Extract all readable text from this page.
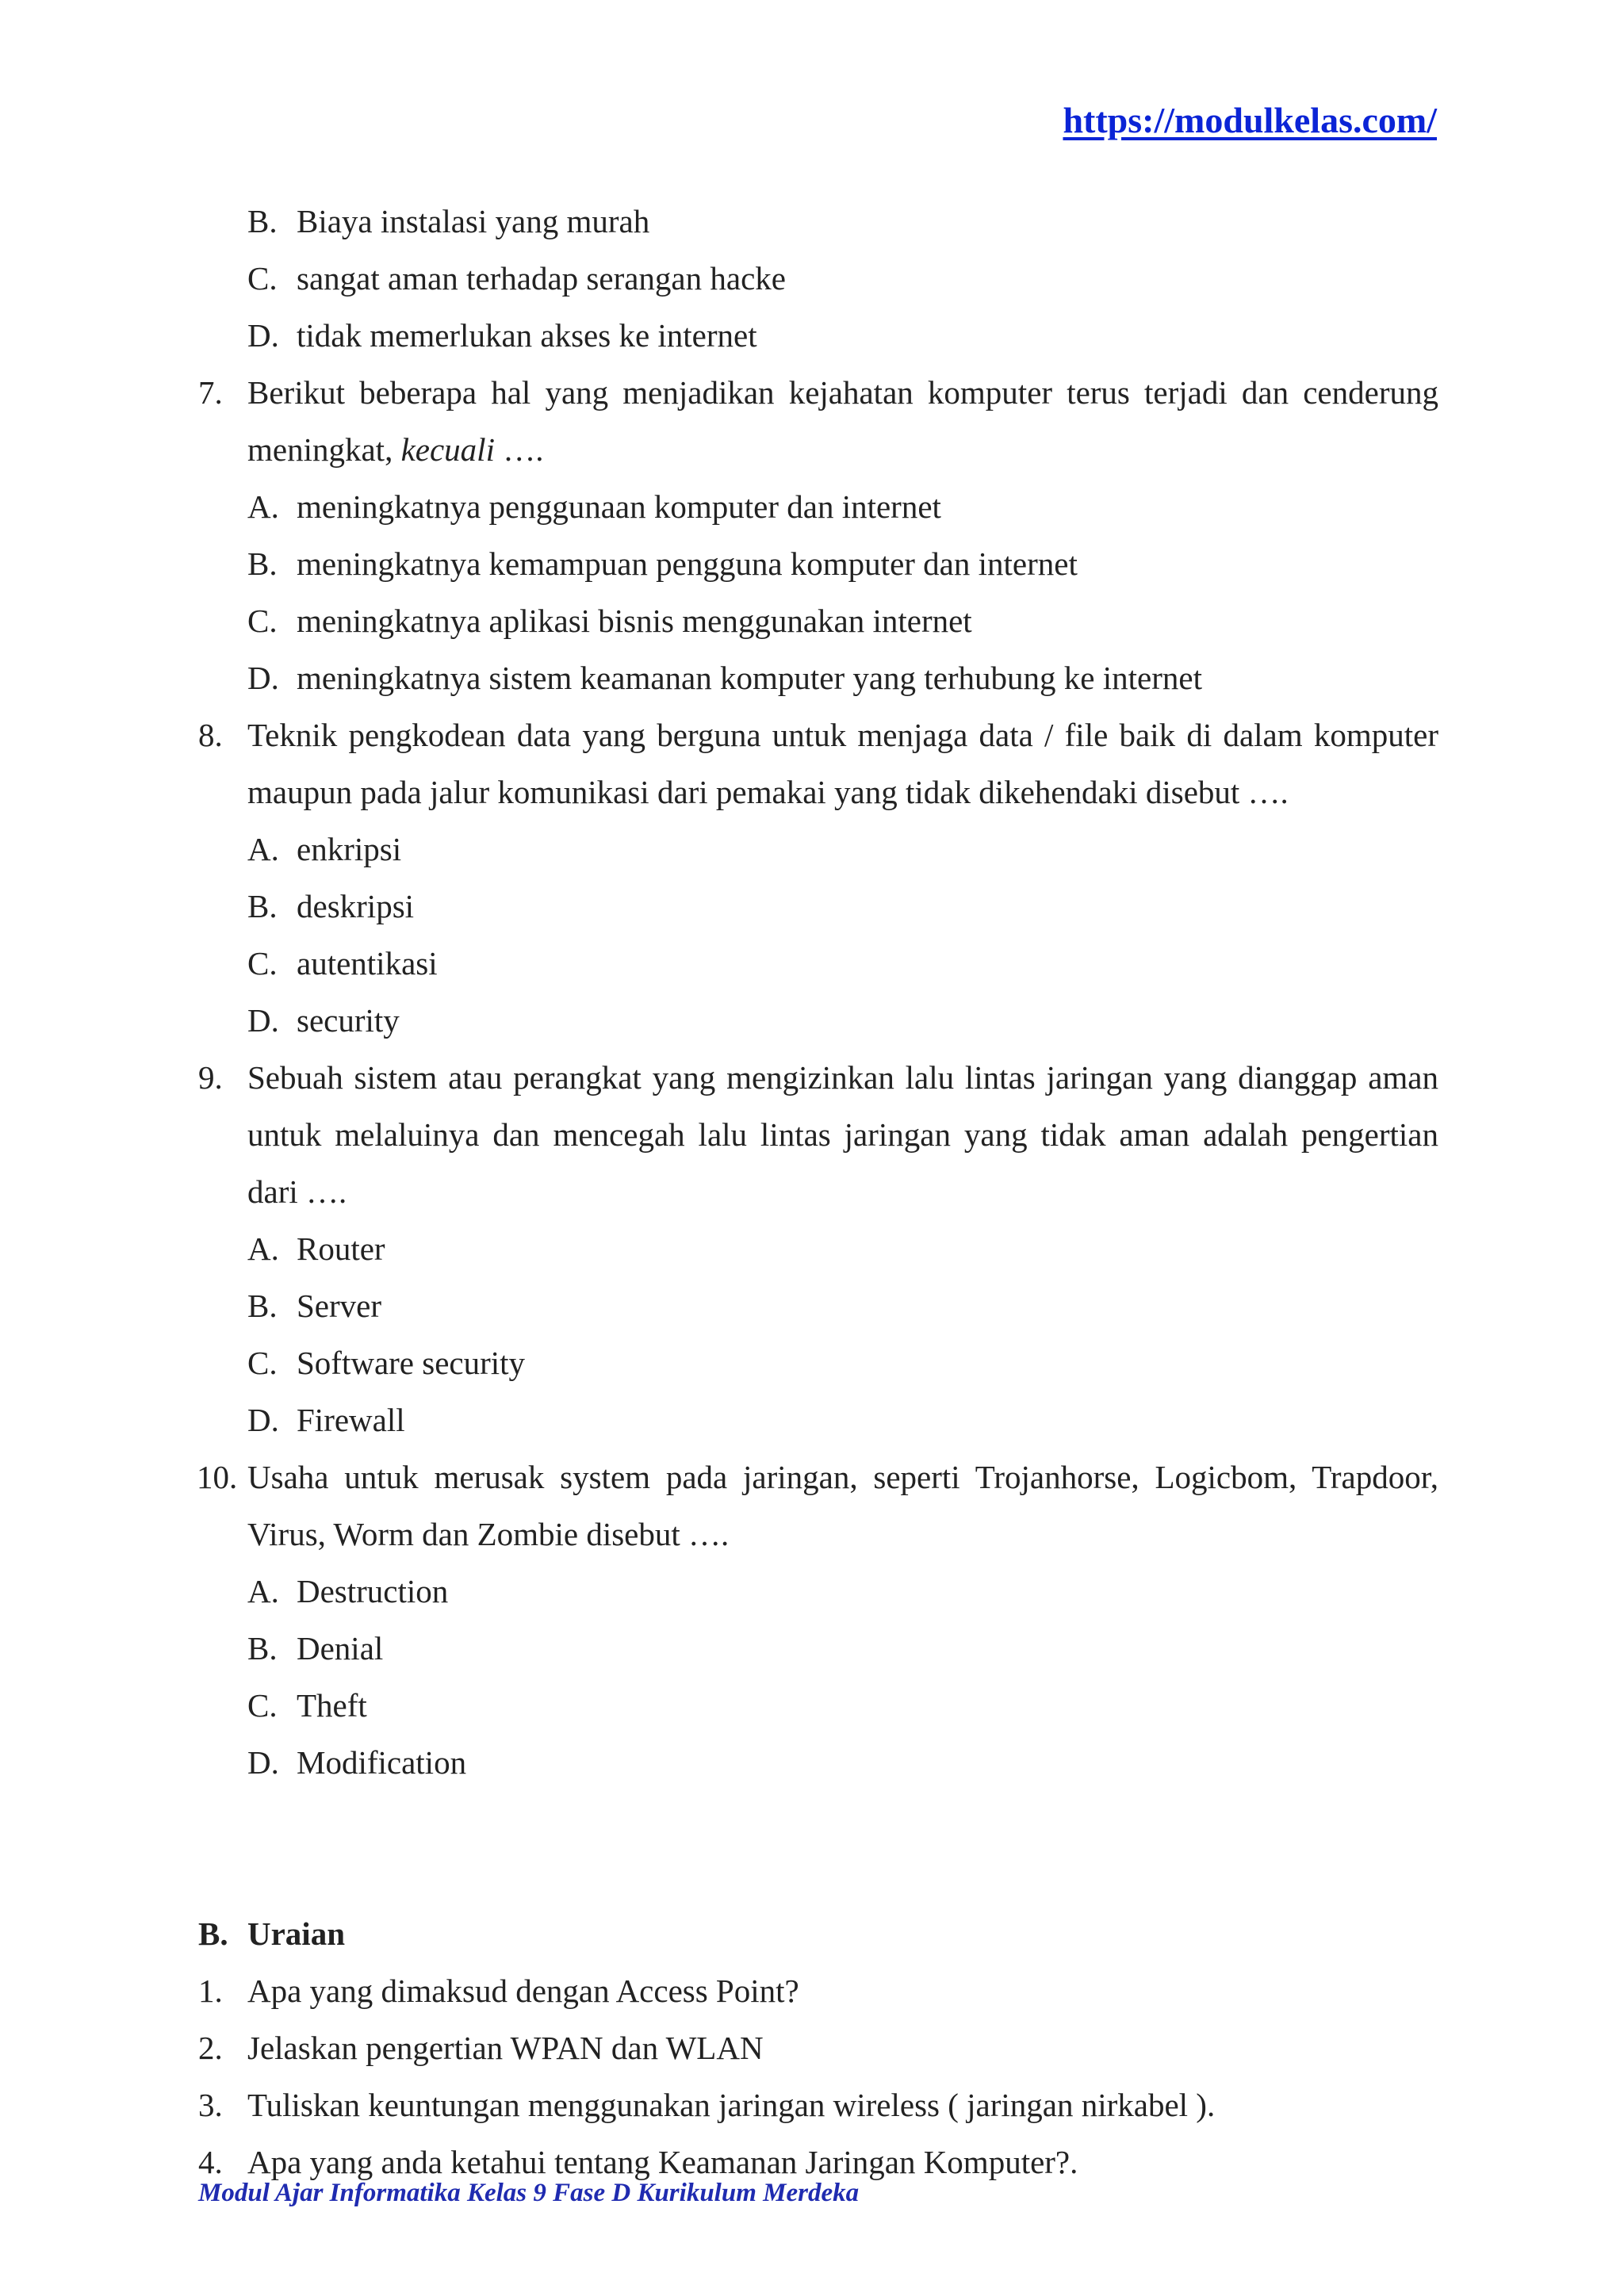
https://modulkelas.com/
B. Biaya instalasi yang murah
C. sangat aman terhadap serangan hacke
D. tidak memerlukan akses ke internet
7. Berikut beberapa hal yang menjadikan kejahatan komputer terus terjadi dan cenderung meningkat, kecuali ….
A. meningkatnya penggunaan komputer dan internet
B. meningkatnya kemampuan pengguna komputer dan internet
C. meningkatnya aplikasi bisnis menggunakan internet
D. meningkatnya sistem keamanan komputer yang terhubung ke internet
8. Teknik pengkodean data yang berguna untuk menjaga data / file baik di dalam komputer maupun pada jalur komunikasi dari pemakai yang tidak dikehendaki disebut ….
A. enkripsi
B. deskripsi
C. autentikasi
D. security
9. Sebuah sistem atau perangkat yang mengizinkan lalu lintas jaringan yang dianggap aman untuk melaluinya dan mencegah lalu lintas jaringan yang tidak aman adalah pengertian dari ….
A. Router
B. Server
C. Software security
D. Firewall
10. Usaha untuk merusak system pada jaringan, seperti Trojanhorse, Logicbom, Trapdoor, Virus, Worm dan Zombie disebut ….
A. Destruction
B. Denial
C. Theft
D. Modification
B. Uraian
1. Apa yang dimaksud dengan Access Point?
2. Jelaskan pengertian WPAN dan WLAN
3. Tuliskan keuntungan menggunakan jaringan wireless ( jaringan nirkabel ).
4. Apa yang anda ketahui tentang Keamanan Jaringan Komputer?.
Modul Ajar Informatika Kelas 9 Fase D Kurikulum Merdeka
